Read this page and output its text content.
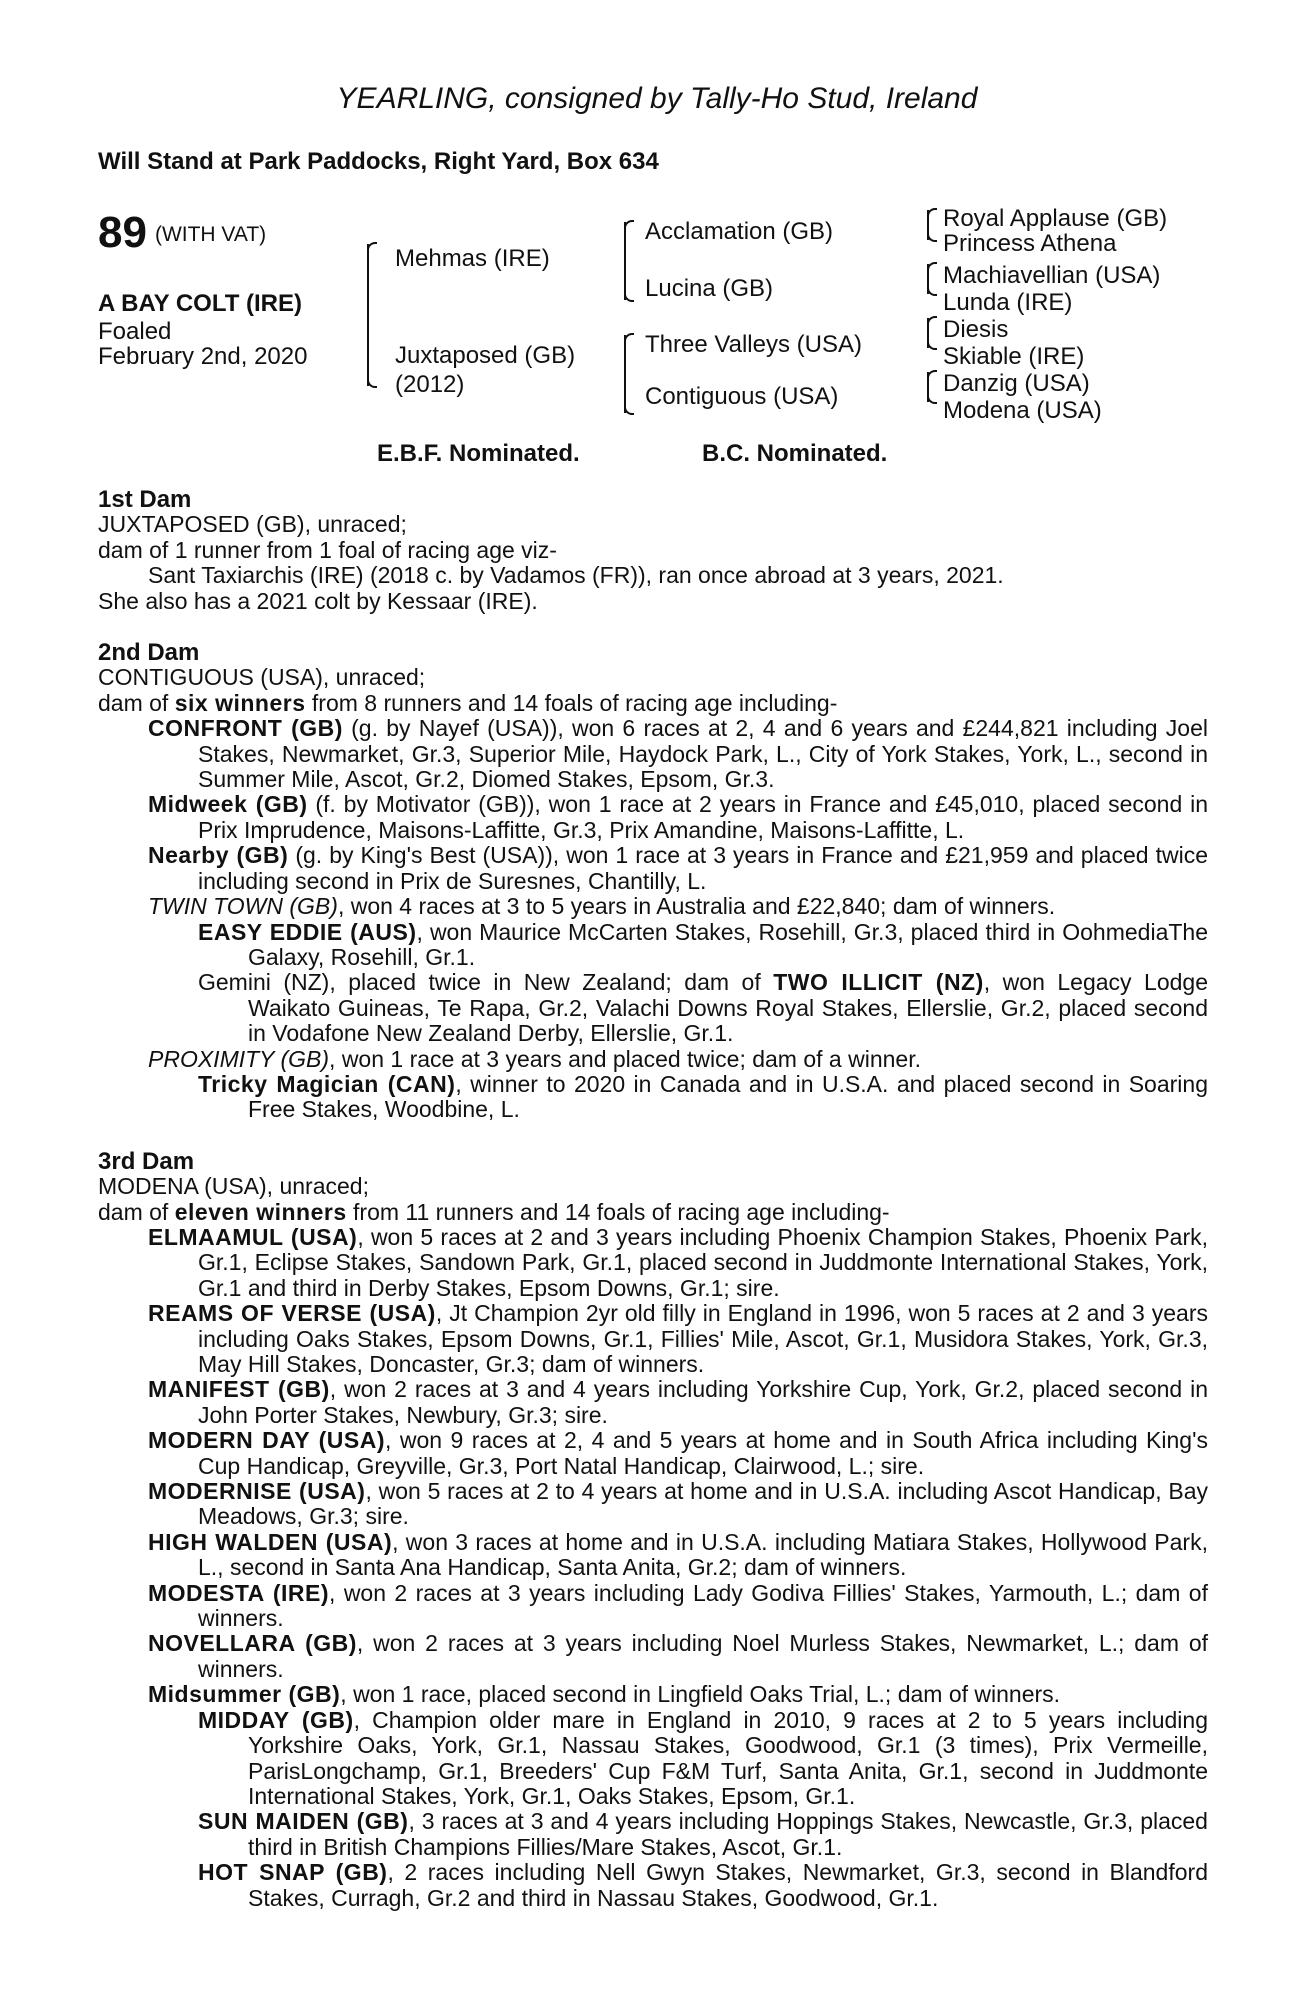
YEARLING, consigned by Tally-Ho Stud, Ireland
Will Stand at Park Paddocks, Right Yard, Box 634
89 (WITH VAT)
A BAY COLT (IRE)
Foaled
February 2nd, 2020
Mehmas (IRE)
Juxtaposed (GB)
(2012)
Acclamation (GB)
Lucina (GB)
Three Valleys (USA)
Contiguous (USA)
Royal Applause (GB)
Princess Athena
Machiavellian (USA)
Lunda (IRE)
Diesis
Skiable (IRE)
Danzig (USA)
Modena (USA)
E.B.F. Nominated.	B.C. Nominated.
1st Dam

JUXTAPOSED (GB), unraced;

dam of 1 runner from 1 foal of racing age viz-

Sant Taxiarchis (IRE) (2018 c. by Vadamos (FR)), ran once abroad at 3 years, 2021.

She also has a 2021 colt by Kessaar (IRE).

2nd Dam

CONTIGUOUS (USA), unraced;

dam of six winners from 8 runners and 14 foals of racing age including-

CONFRONT (GB) (g. by Nayef (USA)), won 6 races at 2, 4 and 6 years and £244,821 including Joel Stakes, Newmarket, Gr.3, Superior Mile, Haydock Park, L., City of York Stakes, York, L., second in Summer Mile, Ascot, Gr.2, Diomed Stakes, Epsom, Gr.3.

Midweek (GB) (f. by Motivator (GB)), won 1 race at 2 years in France and £45,010, placed second in Prix Imprudence, Maisons-Laffitte, Gr.3, Prix Amandine, Maisons-Laffitte, L.

Nearby (GB) (g. by King's Best (USA)), won 1 race at 3 years in France and £21,959 and placed twice including second in Prix de Suresnes, Chantilly, L.

TWIN TOWN (GB), won 4 races at 3 to 5 years in Australia and £22,840; dam of winners.

EASY EDDIE (AUS), won Maurice McCarten Stakes, Rosehill, Gr.3, placed third in OohmediaThe Galaxy, Rosehill, Gr.1.

Gemini (NZ), placed twice in New Zealand; dam of TWO ILLICIT (NZ), won Legacy Lodge Waikato Guineas, Te Rapa, Gr.2, Valachi Downs Royal Stakes, Ellerslie, Gr.2, placed second in Vodafone New Zealand Derby, Ellerslie, Gr.1.

PROXIMITY (GB), won 1 race at 3 years and placed twice; dam of a winner.

Tricky Magician (CAN), winner to 2020 in Canada and in U.S.A. and placed second in Soaring Free Stakes, Woodbine, L.

3rd Dam

MODENA (USA), unraced;

dam of eleven winners from 11 runners and 14 foals of racing age including-

ELMAAMUL (USA), won 5 races at 2 and 3 years including Phoenix Champion Stakes, Phoenix Park, Gr.1, Eclipse Stakes, Sandown Park, Gr.1, placed second in Juddmonte International Stakes, York, Gr.1 and third in Derby Stakes, Epsom Downs, Gr.1; sire.

REAMS OF VERSE (USA), Jt Champion 2yr old filly in England in 1996, won 5 races at 2 and 3 years including Oaks Stakes, Epsom Downs, Gr.1, Fillies' Mile, Ascot, Gr.1, Musidora Stakes, York, Gr.3, May Hill Stakes, Doncaster, Gr.3; dam of winners.

MANIFEST (GB), won 2 races at 3 and 4 years including Yorkshire Cup, York, Gr.2, placed second in John Porter Stakes, Newbury, Gr.3; sire.

MODERN DAY (USA), won 9 races at 2, 4 and 5 years at home and in South Africa including King's Cup Handicap, Greyville, Gr.3, Port Natal Handicap, Clairwood, L.; sire.

MODERNISE (USA), won 5 races at 2 to 4 years at home and in U.S.A. including Ascot Handicap, Bay Meadows, Gr.3; sire.

HIGH WALDEN (USA), won 3 races at home and in U.S.A. including Matiara Stakes, Hollywood Park, L., second in Santa Ana Handicap, Santa Anita, Gr.2; dam of winners.

MODESTA (IRE), won 2 races at 3 years including Lady Godiva Fillies' Stakes, Yarmouth, L.; dam of winners.

NOVELLARA (GB), won 2 races at 3 years including Noel Murless Stakes, Newmarket, L.; dam of winners.

Midsummer (GB), won 1 race, placed second in Lingfield Oaks Trial, L.; dam of winners.

MIDDAY (GB), Champion older mare in England in 2010, 9 races at 2 to 5 years including Yorkshire Oaks, York, Gr.1, Nassau Stakes, Goodwood, Gr.1 (3 times), Prix Vermeille, ParisLongchamp, Gr.1, Breeders' Cup F&M Turf, Santa Anita, Gr.1, second in Juddmonte International Stakes, York, Gr.1, Oaks Stakes, Epsom, Gr.1.

SUN MAIDEN (GB), 3 races at 3 and 4 years including Hoppings Stakes, Newcastle, Gr.3, placed third in British Champions Fillies/Mare Stakes, Ascot, Gr.1.

HOT SNAP (GB), 2 races including Nell Gwyn Stakes, Newmarket, Gr.3, second in Blandford Stakes, Curragh, Gr.2 and third in Nassau Stakes, Goodwood, Gr.1.
